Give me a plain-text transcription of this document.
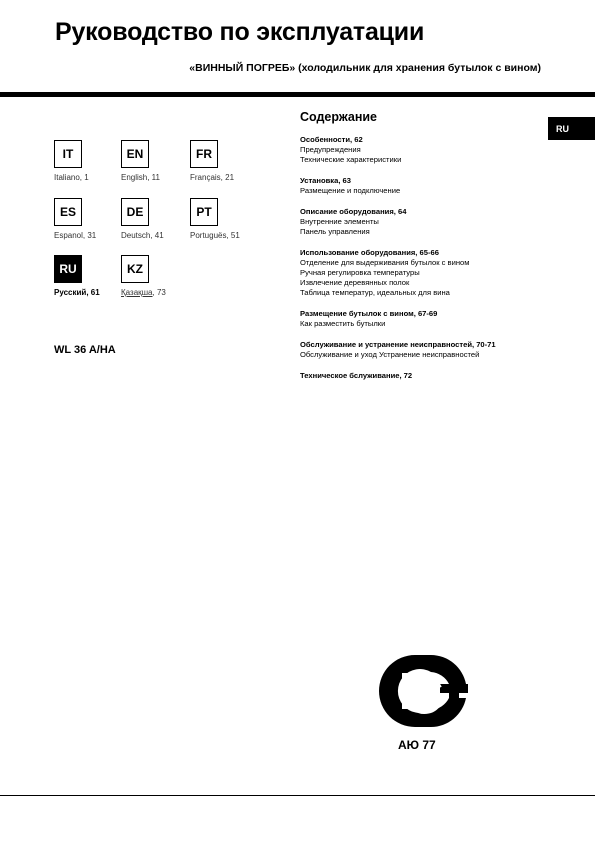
Руководство по эксплуатации
«ВИННЫЙ ПОГРЕБ» (холодильник для хранения бутылок с вином)
RU
IT
Italiano, 1
EN
English, 11
FR
Français, 21
ES
Espanol, 31
DE
Deutsch, 41
PT
Portuguës, 51
RU
Русский, 61
KZ
Қазақша, 73
WL 36 A/HA
Содержание
Особенности, 62
Предупреждения
Технические характеристики
Установка, 63
Размещение и подключение
Описание оборудования, 64
Внутренние элементы
Панель управления
Использование оборудования, 65-66
Отделение для выдерживания бутылок с вином
Ручная регулировка температуры
Извлечение деревянных полок
Таблица температур, идеальных для вина
Размещение бутылок с вином, 67-69
Как разместить бутылки
Обслуживание и устранение неисправностей, 70-71
Обслуживание и уход Устранение неисправностей
Техническое бслуживание, 72
АЮ 77
